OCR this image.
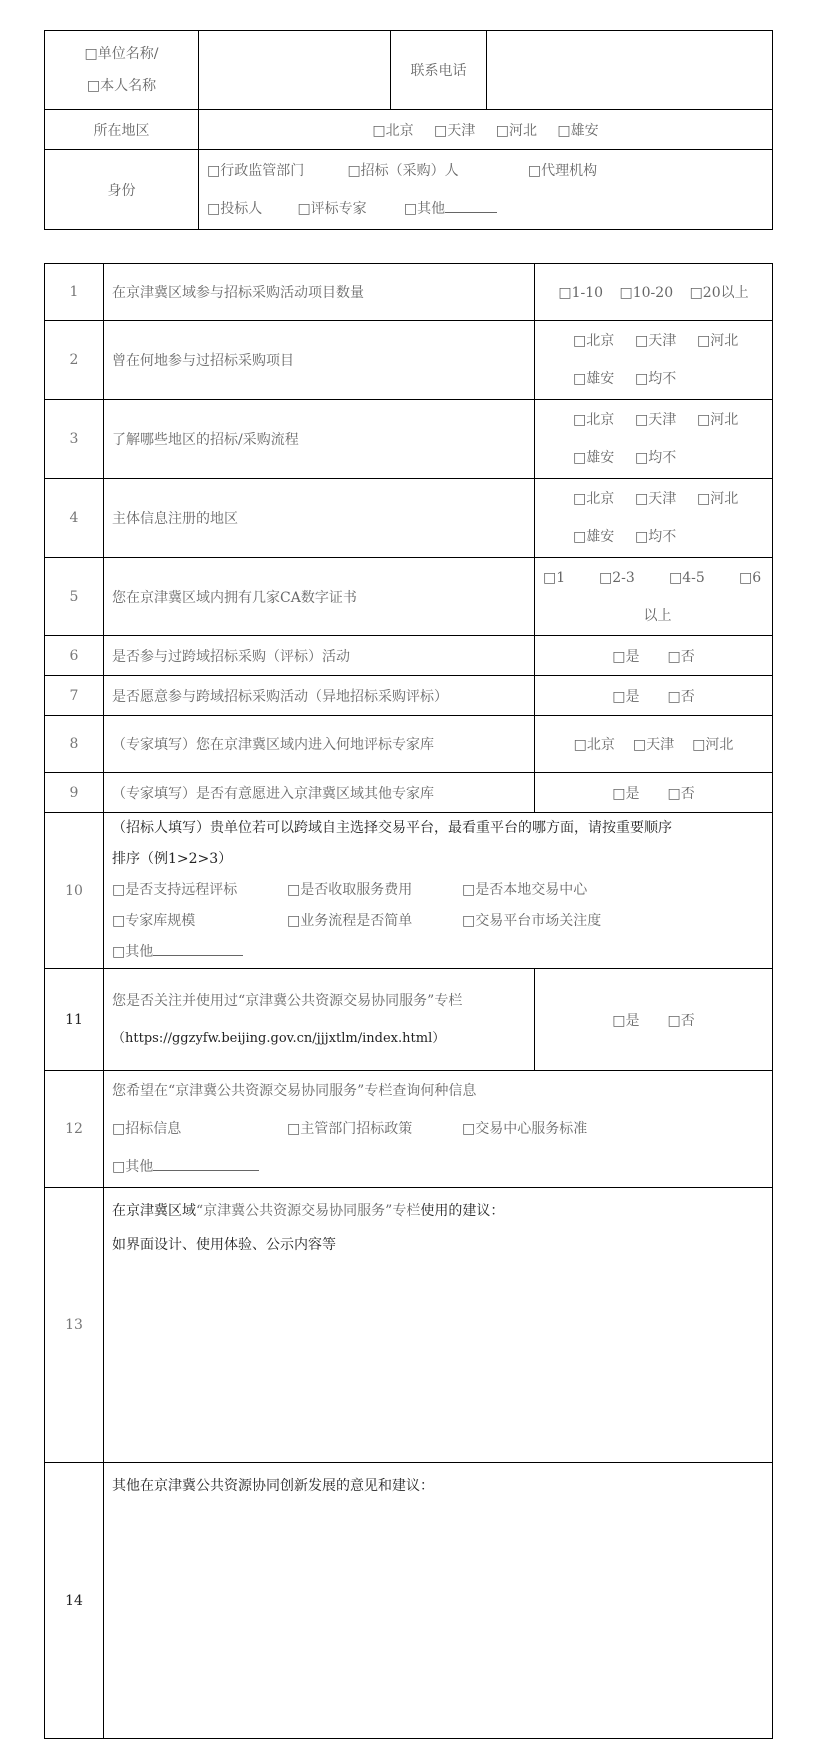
□单位名称/
□本人名称		联系电话	
所在地区	□北京 □天津 □河北 □雄安		
身份	□行政监管部门 □招标（采购）人 □代理机构
□投标人 □评标专家 □其他		
1	在京津冀区域参与招标采购活动项目数量	□1-10 □10-20 □20以上
2	曾在何地参与过招标采购项目	□北京 □天津 □河北
□雄安 □均不

3	了解哪些地区的招标/采购流程	□北京 □天津 □河北
□雄安 □均不

4	主体信息注册的地区	□北京 □天津 □河北
□雄安 □均不

5	您在京津冀区域内拥有几家CA数字证书	□1 □2-3 □4-5 □6
以上

6	是否参与过跨域招标采购（评标）活动	□是 □否
7	是否愿意参与跨域招标采购活动（异地招标采购评标）	□是 □否
8	（专家填写）您在京津冀区域内进入何地评标专家库	□北京 □天津 □河北
9	（专家填写）是否有意愿进入京津冀区域其他专家库	□是 □否
10	（招标人填写）贵单位若可以跨域自主选择交易平台，最看重平台的哪方面，请按重要顺序
排序（例1>2>3）
□是否支持远程评标 □是否收取服务费用 □是否本地交易中心
□专家库规模 □业务流程是否简单 □交易平台市场关注度
□其他	

11	您是否关注并使用过“京津冀公共资源交易协同服务”专栏
（https://ggzyfw.beijing.gov.cn/jjjxtlm/index.html）	□是 □否
12	您希望在“京津冀公共资源交易协同服务”专栏查询何种信息
□招标信息 □主管部门招标政策 □交易中心服务标准
□其他	

13	在京津冀区域“京津冀公共资源交易协同服务”专栏使用的建议：
如界面设计、使用体验、公示内容等	

14	其他在京津冀公共资源协同创新发展的意见和建议：	
